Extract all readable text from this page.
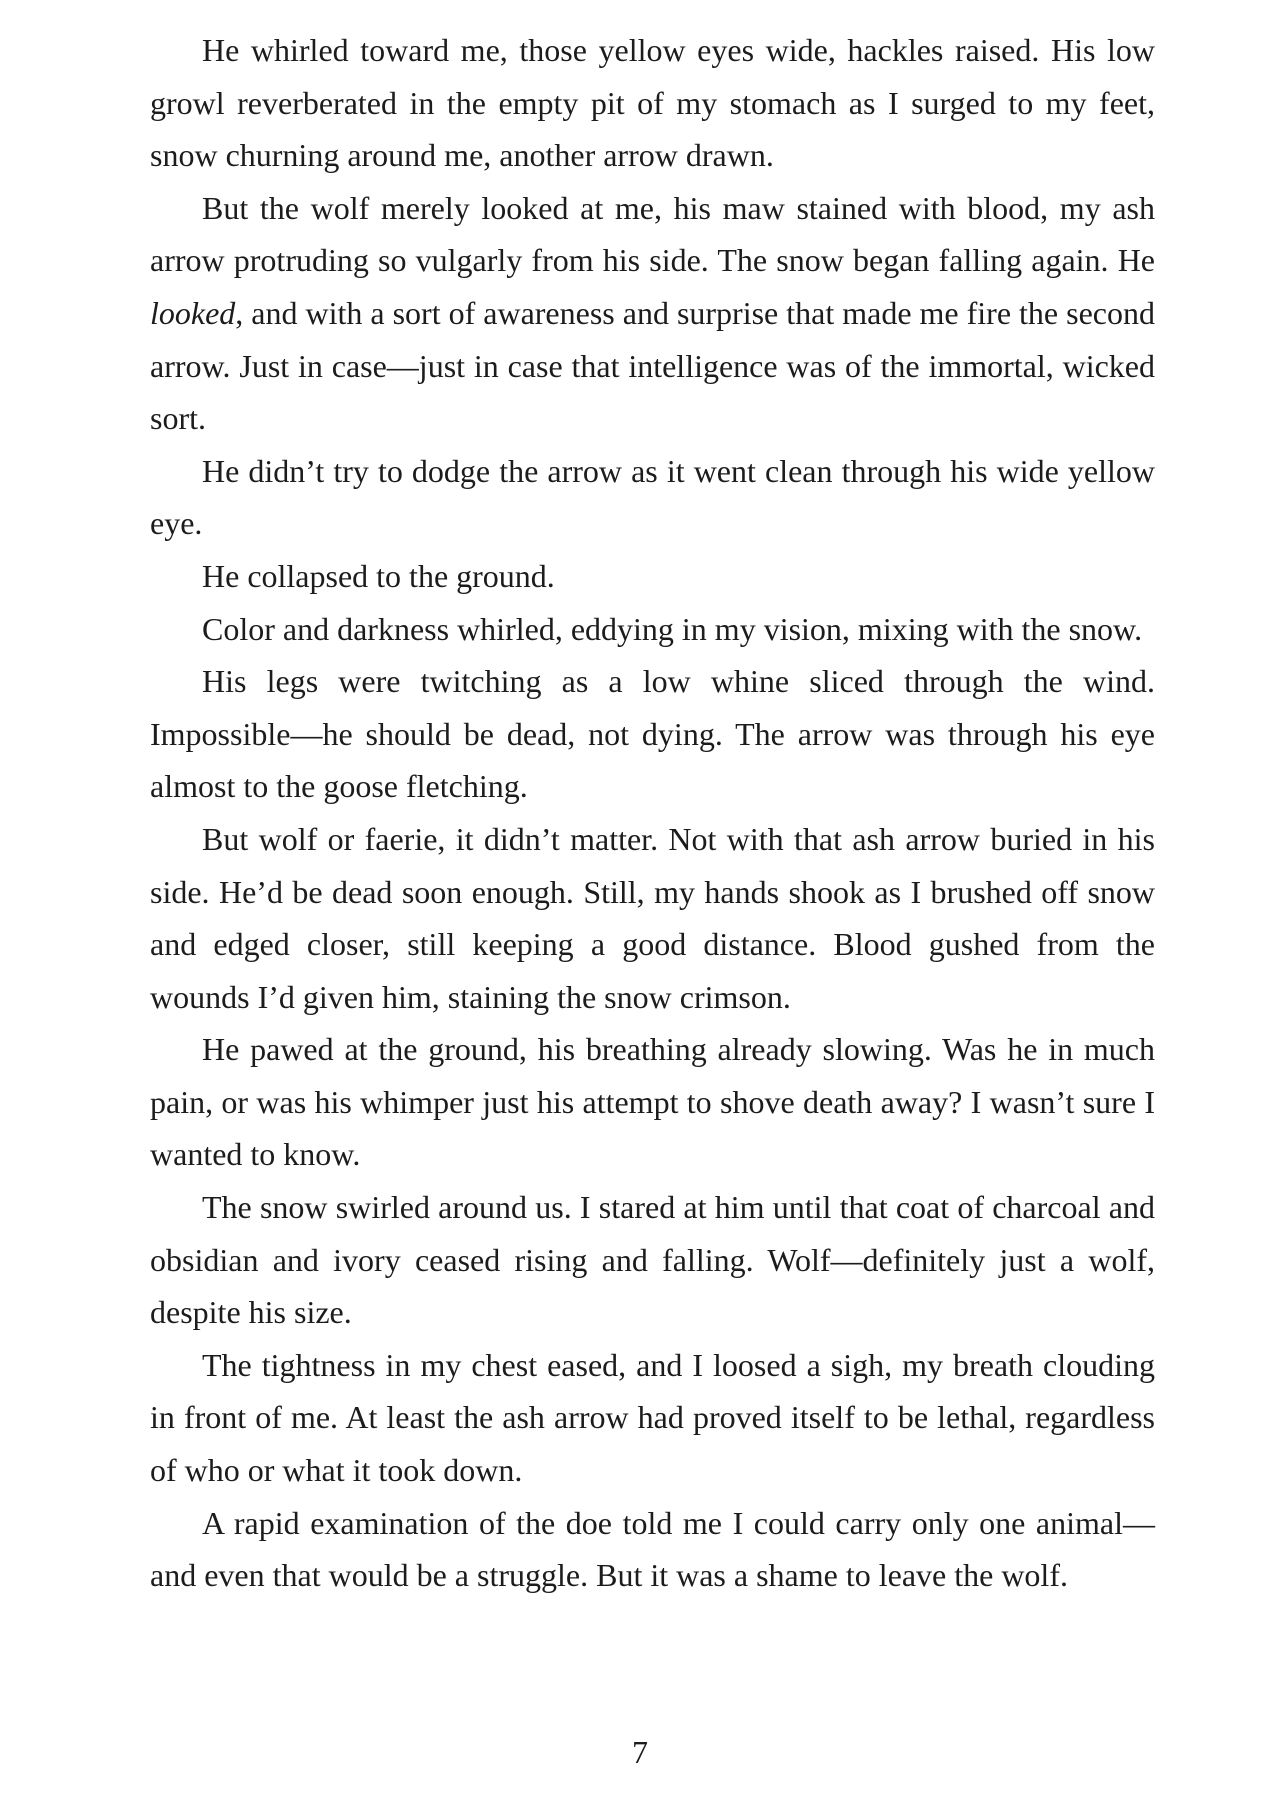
He whirled toward me, those yellow eyes wide, hackles raised. His low growl reverberated in the empty pit of my stomach as I surged to my feet, snow churning around me, another arrow drawn.

But the wolf merely looked at me, his maw stained with blood, my ash arrow protruding so vulgarly from his side. The snow began falling again. He looked, and with a sort of awareness and surprise that made me fire the second arrow. Just in case—just in case that intelligence was of the immortal, wicked sort.

He didn’t try to dodge the arrow as it went clean through his wide yellow eye.

He collapsed to the ground.

Color and darkness whirled, eddying in my vision, mixing with the snow.

His legs were twitching as a low whine sliced through the wind. Impossible—he should be dead, not dying. The arrow was through his eye almost to the goose fletching.

But wolf or faerie, it didn’t matter. Not with that ash arrow buried in his side. He’d be dead soon enough. Still, my hands shook as I brushed off snow and edged closer, still keeping a good distance. Blood gushed from the wounds I’d given him, staining the snow crimson.

He pawed at the ground, his breathing already slowing. Was he in much pain, or was his whimper just his attempt to shove death away? I wasn’t sure I wanted to know.

The snow swirled around us. I stared at him until that coat of charcoal and obsidian and ivory ceased rising and falling. Wolf—definitely just a wolf, despite his size.

The tightness in my chest eased, and I loosed a sigh, my breath clouding in front of me. At least the ash arrow had proved itself to be lethal, regardless of who or what it took down.

A rapid examination of the doe told me I could carry only one animal—and even that would be a struggle. But it was a shame to leave the wolf.

7
